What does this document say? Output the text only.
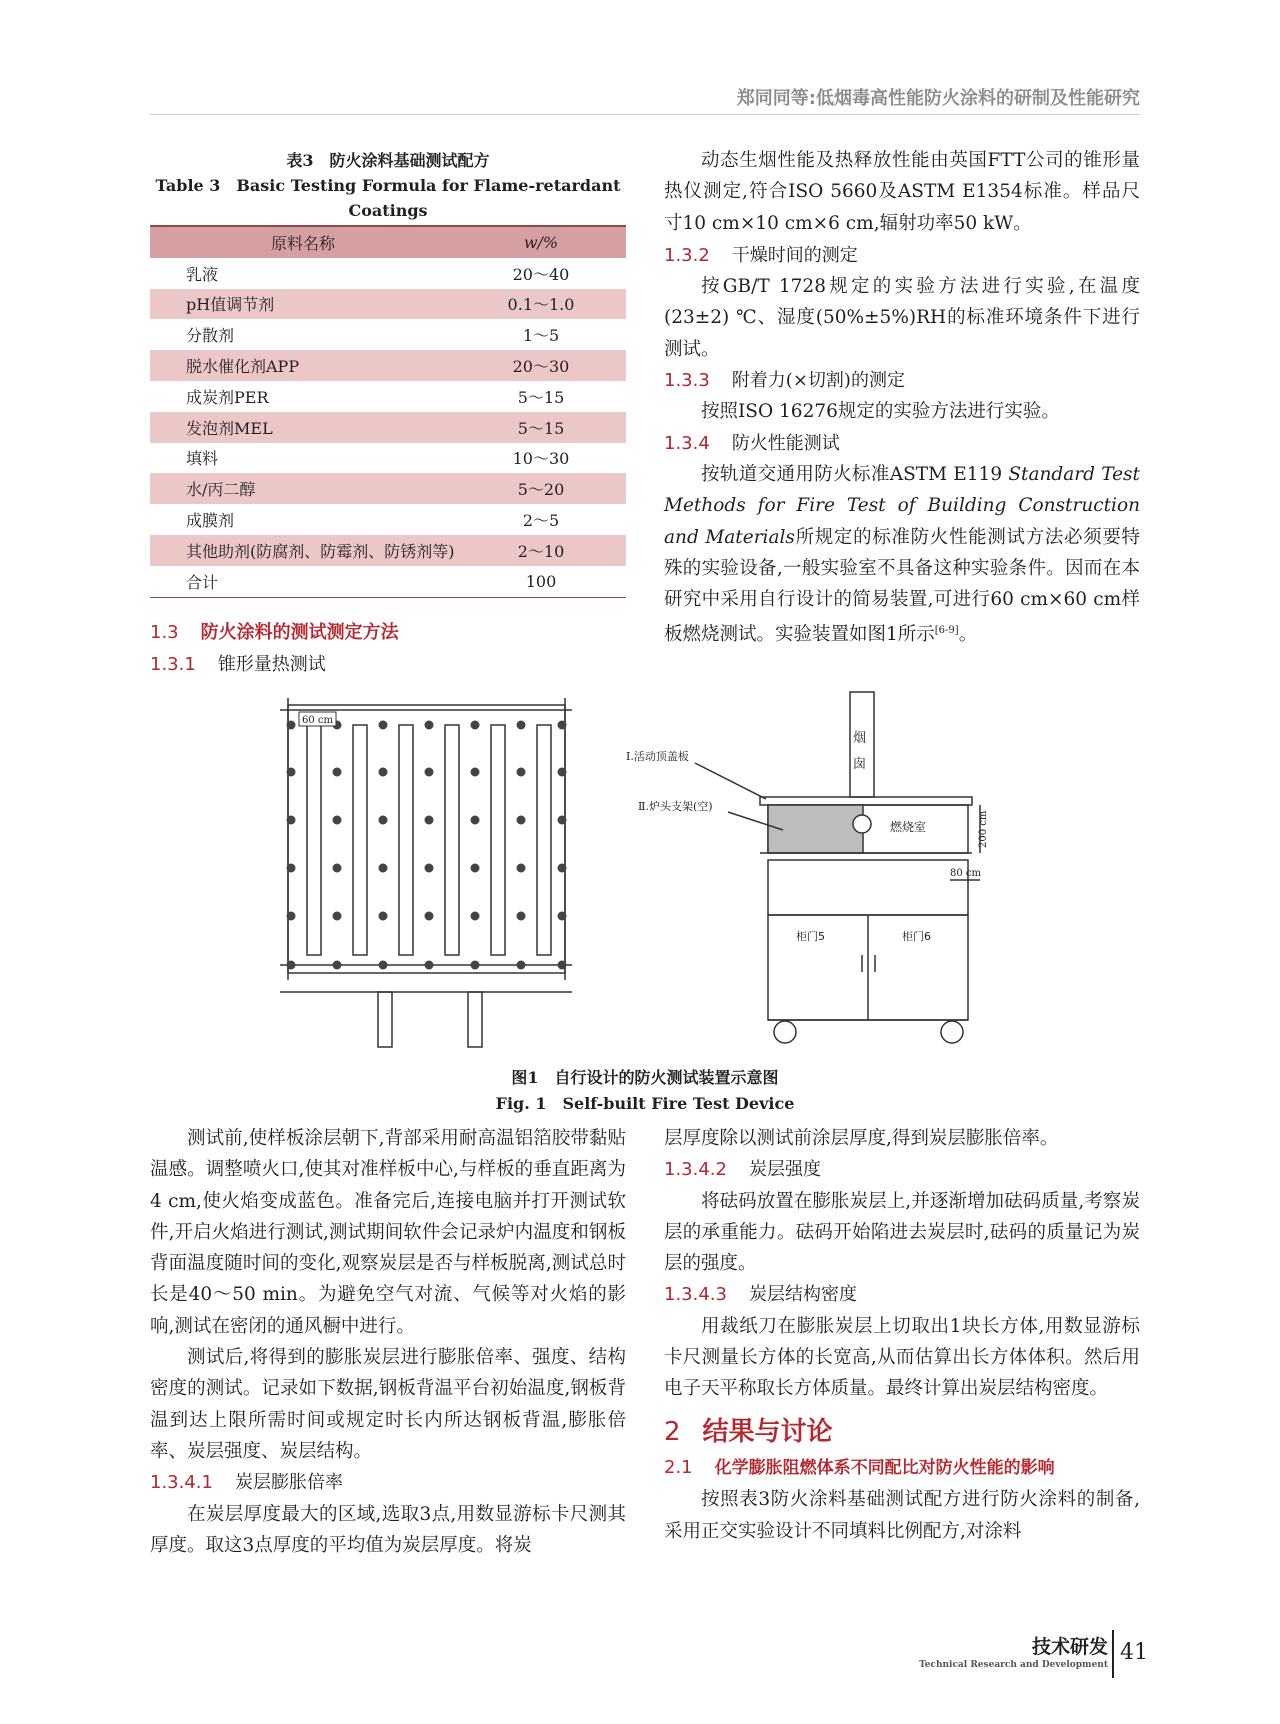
郑同同等:低烟毒高性能防火涂料的研制及性能研究
表3　防火涂料基础测试配方
Table 3　Basic Testing Formula for Flame-retardant
Coatings
原料名称	w/%
乳液	20～40
pH值调节剂	0.1～1.0
分散剂	1～5
脱水催化剂APP	20～30
成炭剂PER	5～15
发泡剂MEL	5～15
填料	10～30
水/丙二醇	5～20
成膜剂	2～5
其他助剂(防腐剂、防霉剂、防锈剂等)	2～10
合计	100
1.3 防火涂料的测试测定方法
1.3.1 锥形量热测试

动态生烟性能及热释放性能由英国FTT公司的锥形量热仪测定,符合ISO 5660及ASTM E1354标准。样品尺寸10 cm×10 cm×6 cm,辐射功率50 kW。

1.3.2 干燥时间的测定

按GB/T 1728规定的实验方法进行实验,在温度(23±2) ℃、湿度(50%±5%)RH的标准环境条件下进行测试。

1.3.3 附着力(×切割)的测定

按照ISO 16276规定的实验方法进行实验。

1.3.4 防火性能测试

按轨道交通用防火标准ASTM E119 Standard Test Methods for Fire Test of Building Construction and Materials所规定的标准防火性能测试方法必须要特殊的实验设备,一般实验室不具备这种实验条件。因而在本研究中采用自行设计的简易装置,可进行60 cm×60 cm样板燃烧测试。实验装置如图1所示[6-9]。

60 cm
Ⅰ.活动顶盖板
Ⅱ.炉头支架(空)
烟
囱
燃烧室	200 cm
80 cm
柜门5	柜门6
图1　自行设计的防火测试装置示意图
Fig. 1　Self-built Fire Test Device

测试前,使样板涂层朝下,背部采用耐高温铝箔胶带黏贴温感。调整喷火口,使其对准样板中心,与样板的垂直距离为4 cm,使火焰变成蓝色。准备完后,连接电脑并打开测试软件,开启火焰进行测试,测试期间软件会记录炉内温度和钢板背面温度随时间的变化,观察炭层是否与样板脱离,测试总时长是40～50 min。为避免空气对流、气候等对火焰的影响,测试在密闭的通风橱中进行。

测试后,将得到的膨胀炭层进行膨胀倍率、强度、结构密度的测试。记录如下数据,钢板背温平台初始温度,钢板背温到达上限所需时间或规定时长内所达钢板背温,膨胀倍率、炭层强度、炭层结构。

1.3.4.1 炭层膨胀倍率

在炭层厚度最大的区域,选取3点,用数显游标卡尺测其厚度。取这3点厚度的平均值为炭层厚度。将炭

层厚度除以测试前涂层厚度,得到炭层膨胀倍率。

1.3.4.2 炭层强度

将砝码放置在膨胀炭层上,并逐渐增加砝码质量,考察炭层的承重能力。砝码开始陷进去炭层时,砝码的质量记为炭层的强度。

1.3.4.3 炭层结构密度

用裁纸刀在膨胀炭层上切取出1块长方体,用数显游标卡尺测量长方体的长宽高,从而估算出长方体体积。然后用电子天平称取长方体质量。最终计算出炭层结构密度。

2 结果与讨论
2.1 化学膨胀阻燃体系不同配比对防火性能的影响

按照表3防火涂料基础测试配方进行防火涂料的制备,采用正交实验设计不同填料比例配方,对涂料

技术研发
Technical Research and Development 41
